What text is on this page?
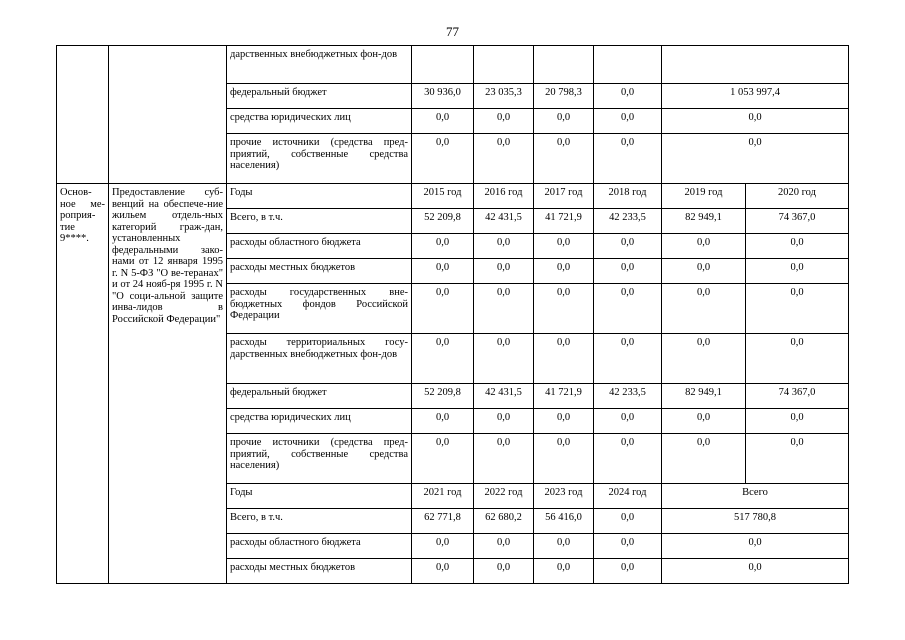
77
		дарственных внебюджетных фон-дов						
		федеральный бюджет	30 936,0	23 035,3	20 798,3	0,0	1 053 997,4	
		средства юридических лиц	0,0	0,0	0,0	0,0	0,0	
		прочие источники (средства пред-приятий, собственные средства населения)	0,0	0,0	0,0	0,0	0,0	
Основ-ное ме-роприя-тие 9****.	Предоставление суб-венций на обеспече-ние жильем отдель-ных категорий граж-дан, установленных федеральными зако-нами от 12 января 1995 г. N 5-ФЗ "О ве-теранах" и от 24 нояб-ря 1995 г. N "О соци-альной защите инва-лидов в Российской Федерации"	Годы	2015 год	2016 год	2017 год	2018 год	2019 год	2020 год
		Всего, в т.ч.	52 209,8	42 431,5	41 721,9	42 233,5	82 949,1	74 367,0
		расходы областного бюджета	0,0	0,0	0,0	0,0	0,0	0,0
		расходы местных бюджетов	0,0	0,0	0,0	0,0	0,0	0,0
		расходы государственных вне-бюджетных фондов Российской Федерации	0,0	0,0	0,0	0,0	0,0	0,0
		расходы территориальных госу-дарственных внебюджетных фон-дов	0,0	0,0	0,0	0,0	0,0	0,0
		федеральный бюджет	52 209,8	42 431,5	41 721,9	42 233,5	82 949,1	74 367,0
		средства юридических лиц	0,0	0,0	0,0	0,0	0,0	0,0
		прочие источники (средства пред-приятий, собственные средства населения)	0,0	0,0	0,0	0,0	0,0	0,0
		Годы	2021 год	2022 год	2023 год	2024 год	Всего	
		Всего, в т.ч.	62 771,8	62 680,2	56 416,0	0,0	517 780,8	
		расходы областного бюджета	0,0	0,0	0,0	0,0	0,0	
		расходы местных бюджетов	0,0	0,0	0,0	0,0	0,0	
